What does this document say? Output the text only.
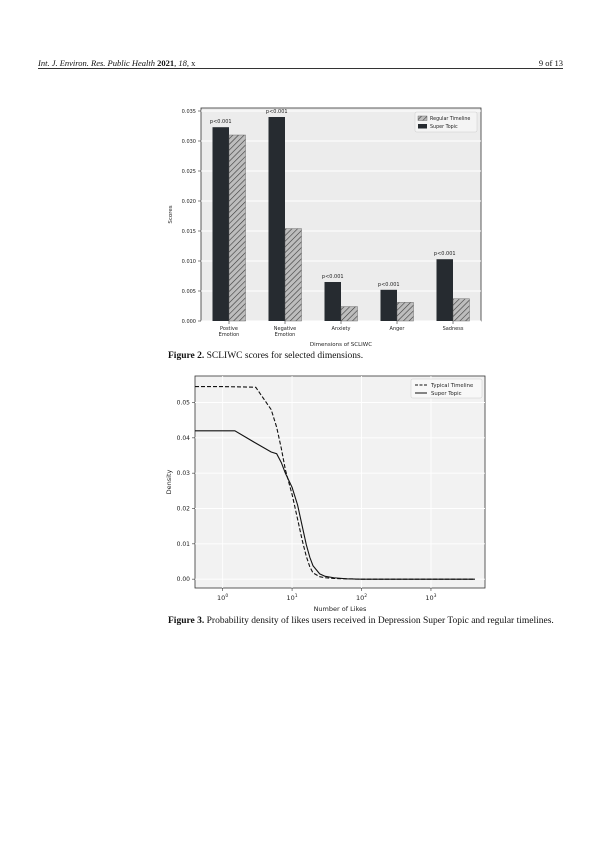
Int. J. Environ. Res. Public Health 2021, 18, x	9 of 13
0.000
0.005
0.010
0.015
0.020
0.025
0.030
0.035
p<0.001
Postive
Emotion
p<0.001
Negative
Emotion
p<0.001
Anxiety
p<0.001
Anger
p<0.001
Sadness
Dimensions of SCLIWC
Scores
Regular Timeline
Super Topic
Figure 2. SCLIWC scores for selected dimensions.
0.00
0.01
0.02
0.03
0.04
0.05
$10^0$	$10^1$	$10^2$	$10^3$
Number of Likes
Density
Typical Timeline
Super Topic
Figure 3. Probability density of likes users received in Depression Super Topic and regular timelines.
